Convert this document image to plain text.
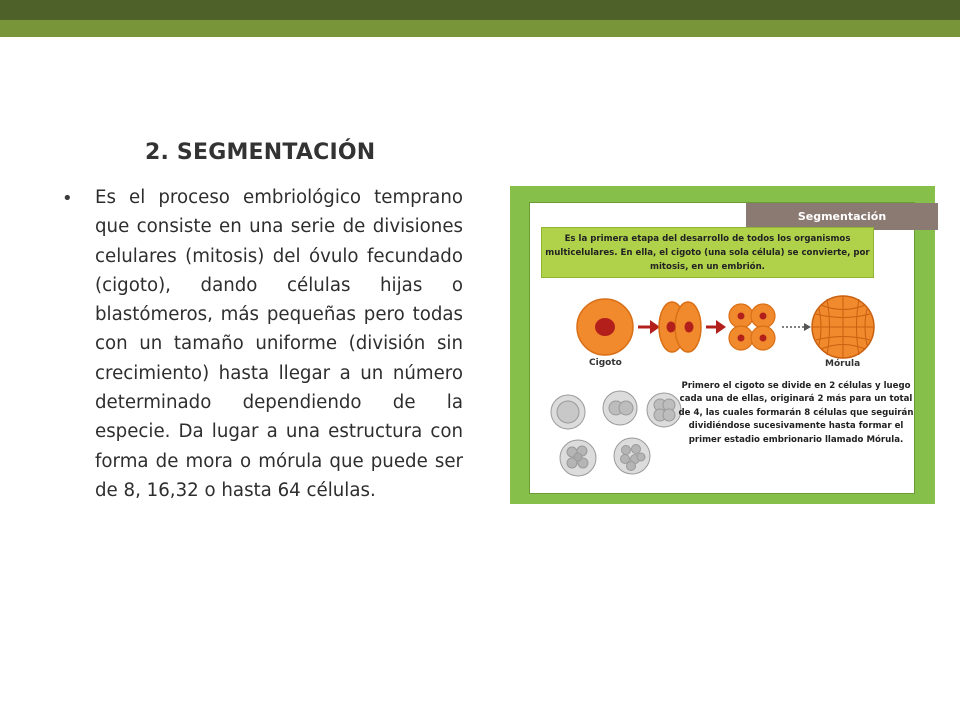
2. SEGMENTACIÓN
• Es el proceso embriológico temprano que consiste en una serie de divisiones celulares (mitosis) del óvulo fecundado (cigoto), dando células hijas o blastómeros, más pequeñas pero todas con un tamaño uniforme (división sin crecimiento) hasta llegar a un número determinado dependiendo de la especie. Da lugar a una estructura con forma de mora o mórula que puede ser de 8, 16,32 o hasta 64 células.

Segmentación
Es la primera etapa del desarrollo de todos los organismos multicelulares. En ella, el cigoto (una sola célula) se convierte, por mitosis, en un embrión.
Cigoto	Mórula
Primero el cigoto se divide en 2 células y luego cada una de ellas, originará 2 más para un total de 4, las cuales formarán 8 células que seguirán dividiéndose sucesivamente hasta formar el primer estadio embrionario llamado Mórula.
